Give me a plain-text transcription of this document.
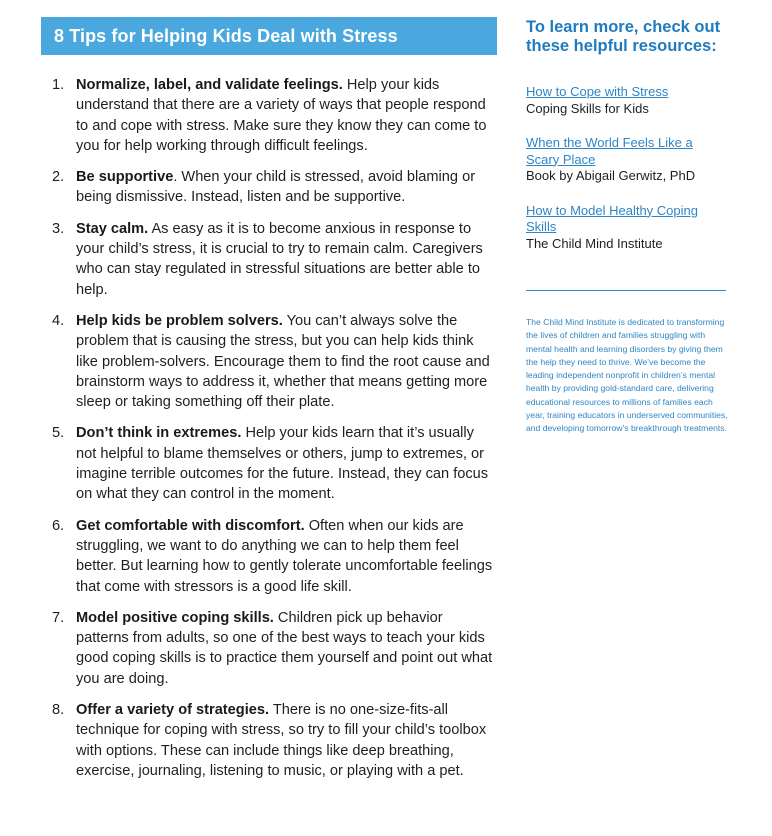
8 Tips for Helping Kids Deal with Stress
1. Normalize, label, and validate feelings. Help your kids understand that there are a variety of ways that people respond to and cope with stress. Make sure they know they can come to you for help working through difficult feelings.
2. Be supportive. When your child is stressed, avoid blaming or being dismissive. Instead, listen and be supportive.
3. Stay calm. As easy as it is to become anxious in response to your child’s stress, it is crucial to try to remain calm. Caregivers who can stay regulated in stressful situations are better able to help.
4. Help kids be problem solvers. You can’t always solve the problem that is causing the stress, but you can help kids think like problem-solvers. Encourage them to find the root cause and brainstorm ways to address it, whether that means getting more sleep or taking something off their plate.
5. Don’t think in extremes. Help your kids learn that it’s usually not helpful to blame themselves or others, jump to extremes, or imagine terrible outcomes for the future. Instead, they can focus on what they can control in the moment.
6. Get comfortable with discomfort. Often when our kids are struggling, we want to do anything we can to help them feel better. But learning how to gently tolerate uncomfortable feelings that come with stressors is a good life skill.
7. Model positive coping skills. Children pick up behavior patterns from adults, so one of the best ways to teach your kids good coping skills is to practice them yourself and point out what you are doing.
8. Offer a variety of strategies. There is no one-size-fits-all technique for coping with stress, so try to fill your child’s toolbox with options. These can include things like deep breathing, exercise, journaling, listening to music, or playing with a pet.
To learn more, check out these helpful resources:
How to Cope with Stress
Coping Skills for Kids
When the World Feels Like a Scary Place
Book by Abigail Gerwitz, PhD
How to Model Healthy Coping Skills
The Child Mind Institute

The Child Mind Institute is dedicated to transforming the lives of children and families struggling with mental health and learning disorders by giving them the help they need to thrive. We’ve become the leading independent nonprofit in children’s mental health by providing gold-standard care, delivering educational resources to millions of families each year, training educators in underserved communities, and developing tomorrow’s breakthrough treatments.
